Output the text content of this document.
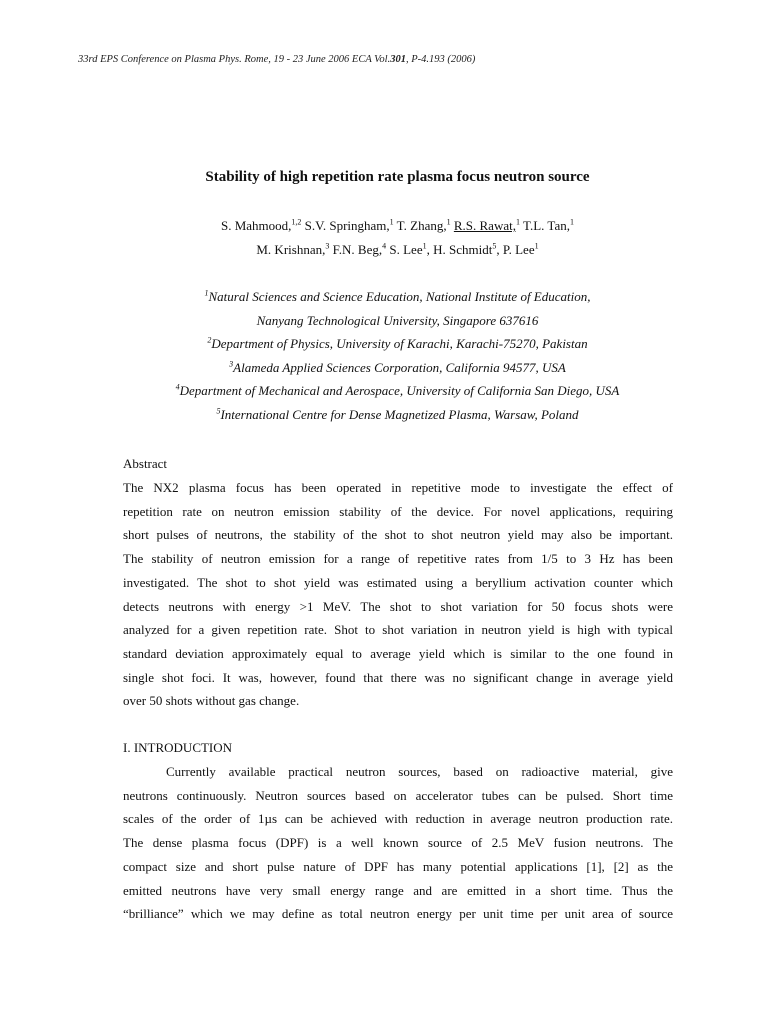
33rd EPS Conference on Plasma Phys. Rome, 19 - 23 June 2006 ECA Vol.301, P-4.193 (2006)
Stability of high repetition rate plasma focus neutron source
S. Mahmood,$^{1,2}$ S.V. Springham,$^1$ T. Zhang,$^1$ R.S. Rawat,$^1$ T.L. Tan,$^1$
M. Krishnan,$^3$ F.N. Beg,$^4$ S. Lee$^1$, H. Schmidt$^5$, P. Lee$^1$
$^1$Natural Sciences and Science Education, National Institute of Education,
Nanyang Technological University, Singapore 637616
$^2$Department of Physics, University of Karachi, Karachi-75270, Pakistan
$^3$Alameda Applied Sciences Corporation, California 94577, USA
$^4$Department of Mechanical and Aerospace, University of California San Diego, USA
$^5$International Centre for Dense Magnetized Plasma, Warsaw, Poland
Abstract
The NX2 plasma focus has been operated in repetitive mode to investigate the effect of
repetition rate on neutron emission stability of the device. For novel applications, requiring
short pulses of neutrons, the stability of the shot to shot neutron yield may also be important.
The stability of neutron emission for a range of repetitive rates from 1/5 to 3 Hz has been
investigated. The shot to shot yield was estimated using a beryllium activation counter which
detects neutrons with energy >1 MeV. The shot to shot variation for 50 focus shots were
analyzed for a given repetition rate. Shot to shot variation in neutron yield is high with typical
standard deviation approximately equal to average yield which is similar to the one found in
single shot foci. It was, however, found that there was no significant change in average yield
over 50 shots without gas change.
I. INTRODUCTION
Currently available practical neutron sources, based on radioactive material, give
neutrons continuously. Neutron sources based on accelerator tubes can be pulsed. Short time
scales of the order of 1µs can be achieved with reduction in average neutron production rate.
The dense plasma focus (DPF) is a well known source of 2.5 MeV fusion neutrons. The
compact size and short pulse nature of DPF has many potential applications [1], [2] as the
emitted neutrons have very small energy range and are emitted in a short time. Thus the
“brilliance” which we may define as total neutron energy per unit time per unit area of source
